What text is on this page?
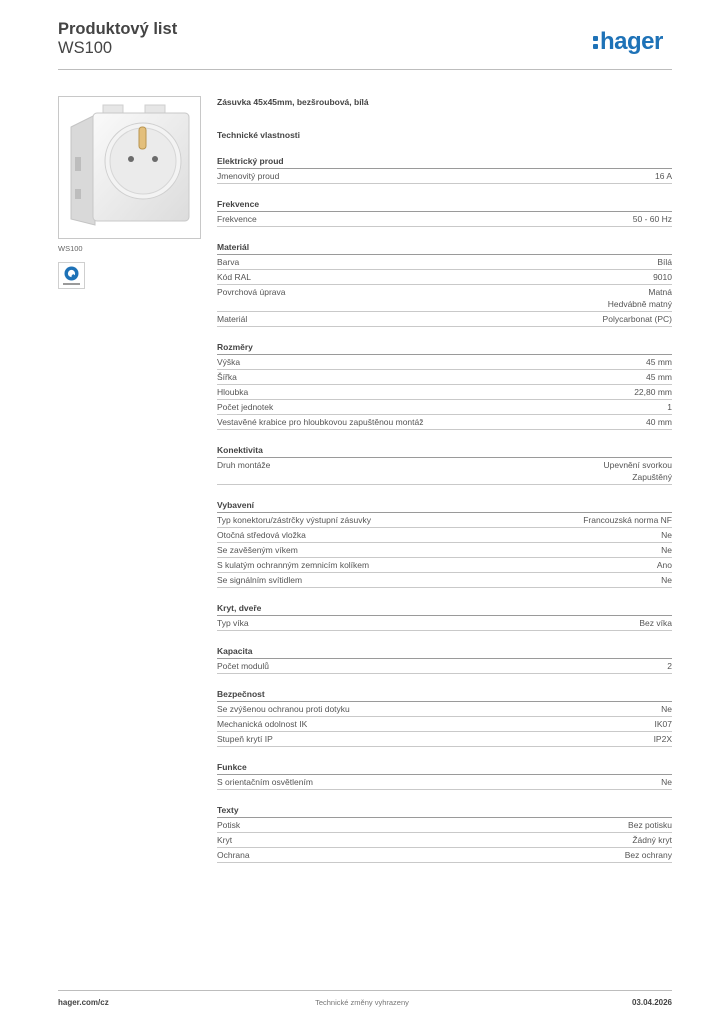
Produktový list
WS100	hager
WS100
Zásuvka 45x45mm, bezšroubová, bílá
Technické vlastnosti
Elektrický proud
Jmenovitý proud	16 A
Frekvence
Frekvence	50 - 60 Hz
Materiál
Barva	Bílá
Kód RAL	9010
Povrchová úprava	Matná
Hedvábně matný
Materiál	Polycarbonat (PC)
Rozměry
Výška	45 mm
Šířka	45 mm
Hloubka	22,80 mm
Počet jednotek	1
Vestavěné krabice pro hloubkovou zapuštěnou montáž	40 mm
Konektivita
Druh montáže	Upevnění svorkou
Zapuštěný
Vybavení
Typ konektoru/zástrčky výstupní zásuvky	Francouzská norma NF
Otočná středová vložka	Ne
Se zavěšeným víkem	Ne
S kulatým ochranným zemnicím kolíkem	Ano
Se signálním svítidlem	Ne
Kryt, dveře
Typ víka	Bez víka
Kapacita
Počet modulů	2
Bezpečnost
Se zvýšenou ochranou proti dotyku	Ne
Mechanická odolnost IK	IK07
Stupeň krytí IP	IP2X
Funkce
S orientačním osvětlením	Ne
Texty
Potisk	Bez potisku
Kryt	Žádný kryt
Ochrana	Bez ochrany
hager.com/cz	Technické změny vyhrazeny	03.04.2026
